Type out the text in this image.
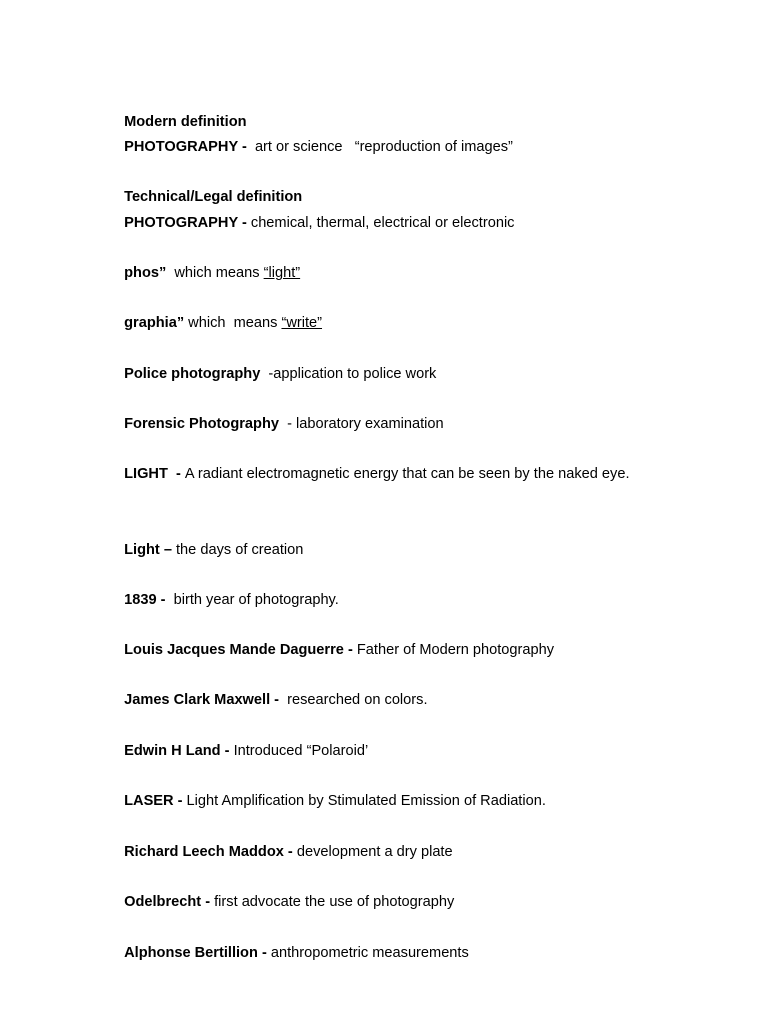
Modern definition

PHOTOGRAPHY -  art or science   “reproduction of images”

Technical/Legal definition

PHOTOGRAPHY - chemical, thermal, electrical or electronic

phos”  which means “light”

graphia” which  means “write”

Police photography  -application to police work

Forensic Photography  - laboratory examination

LIGHT  - A radiant electromagnetic energy that can be seen by the naked eye.

Light – the days of creation

1839 -  birth year of photography.

Louis Jacques Mande Daguerre - Father of Modern photography

James Clark Maxwell -  researched on colors.

Edwin H Land - Introduced “Polaroid’

LASER - Light Amplification by Stimulated Emission of Radiation.

Richard Leech Maddox - development a dry plate

Odelbrecht - first advocate the use of photography

Alphonse Bertillion - anthropometric measurements
